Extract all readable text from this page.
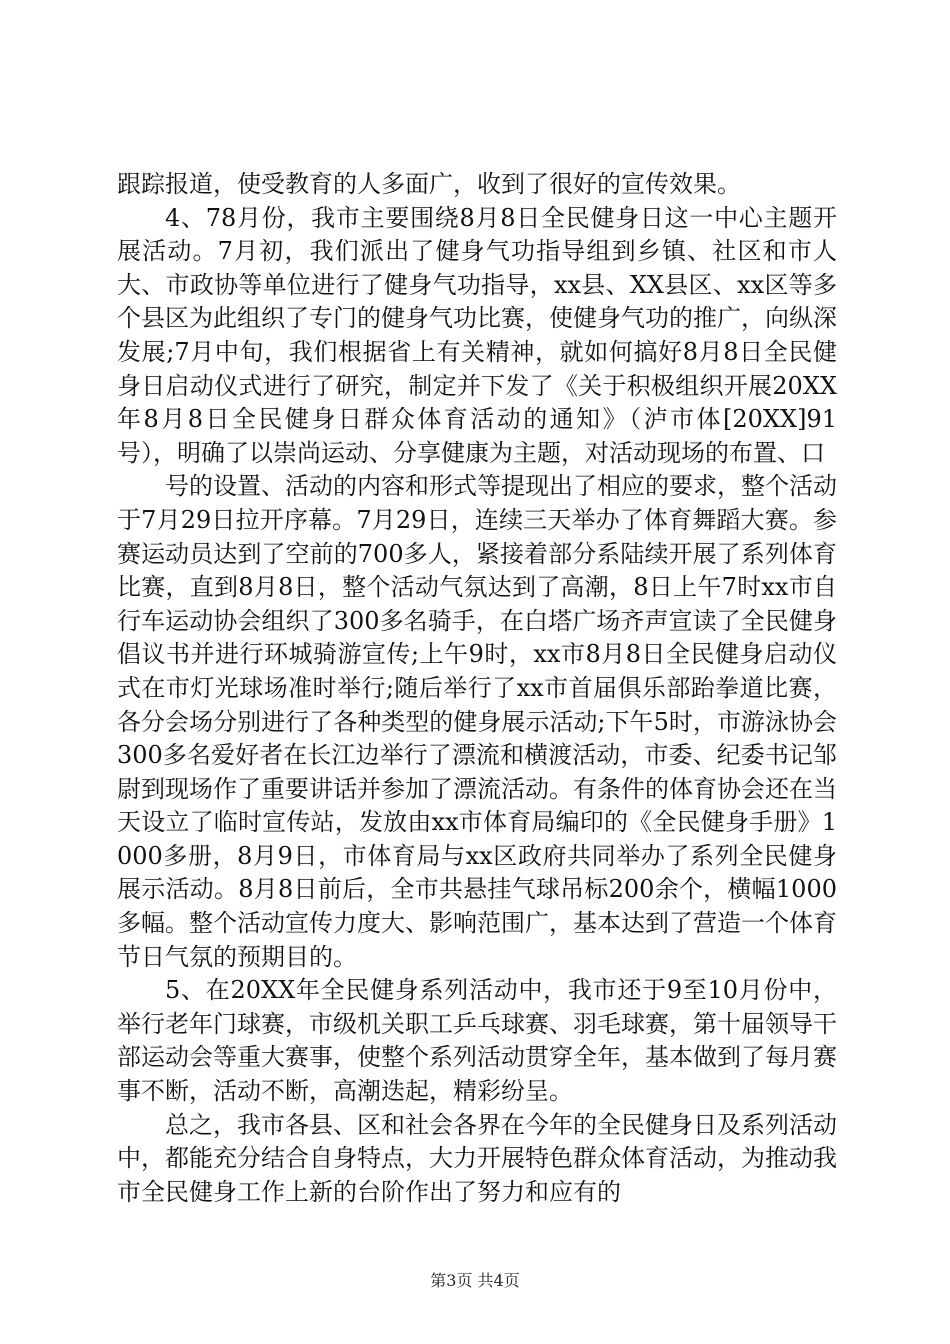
跟踪报道，使受教育的人多面广，收到了很好的宣传效果。

4、78月份，我市主要围绕8月8日全民健身日这一中心主题开展活动。7月初，我们派出了健身气功指导组到乡镇、社区和市人大、市政协等单位进行了健身气功指导，xx县、XX县区、xx区等多个县区为此组织了专门的健身气功比赛，使健身气功的推广，向纵深发展;7月中旬，我们根据省上有关精神，就如何搞好8月8日全民健身日启动仪式进行了研究，制定并下发了《关于积极组织开展20XX年8月8日全民健身日群众体育活动的通知》（泸市体[20XX]91号），明确了以崇尚运动、分享健康为主题，对活动现场的布置、口

号的设置、活动的内容和形式等提现出了相应的要求，整个活动于7月29日拉开序幕。7月29日，连续三天举办了体育舞蹈大赛。参赛运动员达到了空前的700多人，紧接着部分系陆续开展了系列体育比赛，直到8月8日，整个活动气氛达到了高潮，8日上午7时xx市自行车运动协会组织了300多名骑手，在白塔广场齐声宣读了全民健身倡议书并进行环城骑游宣传;上午9时，xx市8月8日全民健身启动仪式在市灯光球场准时举行;随后举行了xx市首届俱乐部跆拳道比赛，各分会场分别进行了各种类型的健身展示活动;下午5时，市游泳协会300多名爱好者在长江边举行了漂流和横渡活动，市委、纪委书记邹尉到现场作了重要讲话并参加了漂流活动。有条件的体育协会还在当天设立了临时宣传站，发放由xx市体育局编印的《全民健身手册》1000多册，8月9日，市体育局与xx区政府共同举办了系列全民健身展示活动。8月8日前后，全市共悬挂气球吊标200余个，横幅1000多幅。整个活动宣传力度大、影响范围广，基本达到了营造一个体育节日气氛的预期目的。

5、在20XX年全民健身系列活动中，我市还于9至10月份中，举行老年门球赛，市级机关职工乒乓球赛、羽毛球赛，第十届领导干部运动会等重大赛事，使整个系列活动贯穿全年，基本做到了每月赛事不断，活动不断，高潮迭起，精彩纷呈。

总之，我市各县、区和社会各界在今年的全民健身日及系列活动中，都能充分结合自身特点，大力开展特色群众体育活动，为推动我市全民健身工作上新的台阶作出了努力和应有的

第3页 共4页
